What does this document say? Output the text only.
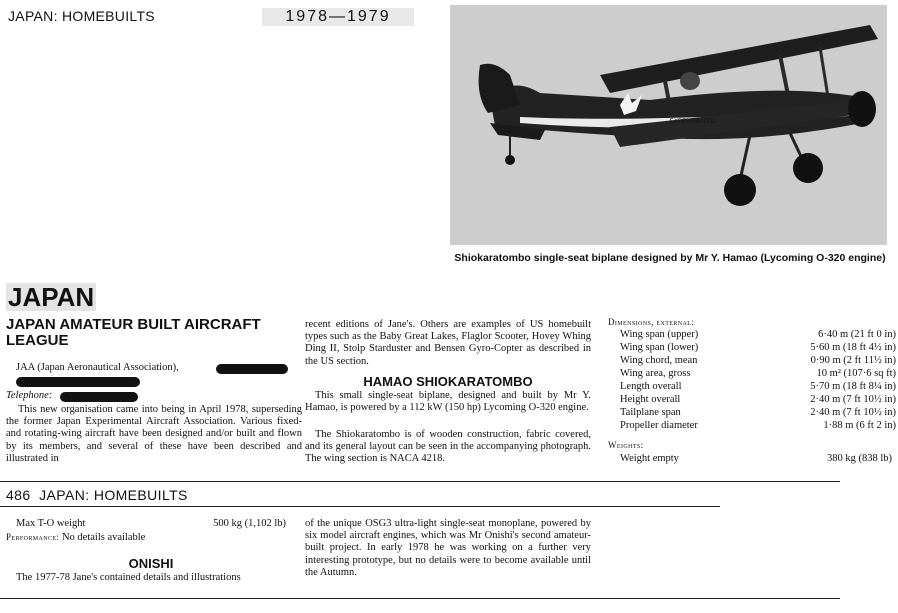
JAPAN: HOMEBUILTS	1978—1979
EXPERIMENTAL
Shiokaratombo single-seat biplane designed by Mr Y. Hamao (Lycoming O-320 engine)
JAPAN
JAPAN AMATEUR BUILT AIRCRAFT LEAGUE
JAA (Japan Aeronautical Association),
Telephone:
This new organisation came into being in April 1978, superseding the former Japan Experimental Aircraft Association. Various fixed- and rotating-wing aircraft have been designed and/or built and flown by its members, and several of these have been described and illustrated in
recent editions of Jane's. Others are examples of US homebuilt types such as the Baby Great Lakes, Flaglor Scooter, Hovey Whing Ding II, Stolp Starduster and Bensen Gyro-Copter as described in the US section.
HAMAO SHIOKARATOMBO
This small single-seat biplane, designed and built by Mr Y. Hamao, is powered by a 112 kW (150 hp) Lycoming O-320 engine.
The Shiokaratombo is of wooden construction, fabric covered, and its general layout can be seen in the accompanying photograph. The wing section is NACA 4218.
Dimensions, external:
Wing span (upper)	6·40 m (21 ft 0 in)
Wing span (lower)	5·60 m (18 ft 4½ in)
Wing chord, mean	0·90 m (2 ft 11½ in)
Wing area, gross	10 m² (107·6 sq ft)
Length overall	5·70 m (18 ft 8¼ in)
Height overall	2·40 m (7 ft 10½ in)
Tailplane span	2·40 m (7 ft 10½ in)
Propeller diameter	1·88 m (6 ft 2 in)
Weights:
Weight empty	380 kg (838 lb)
486 JAPAN: HOMEBUILTS
Max T-O weight	500 kg (1,102 lb)
Performance: No details available
ONISHI
The 1977-78 Jane's contained details and illustrations
of the unique OSG3 ultra-light single-seat monoplane, powered by six model aircraft engines, which was Mr Onishi's second amateur-built project. In early 1978 he was working on a further very interesting prototype, but no details were to become available until the Autumn.
